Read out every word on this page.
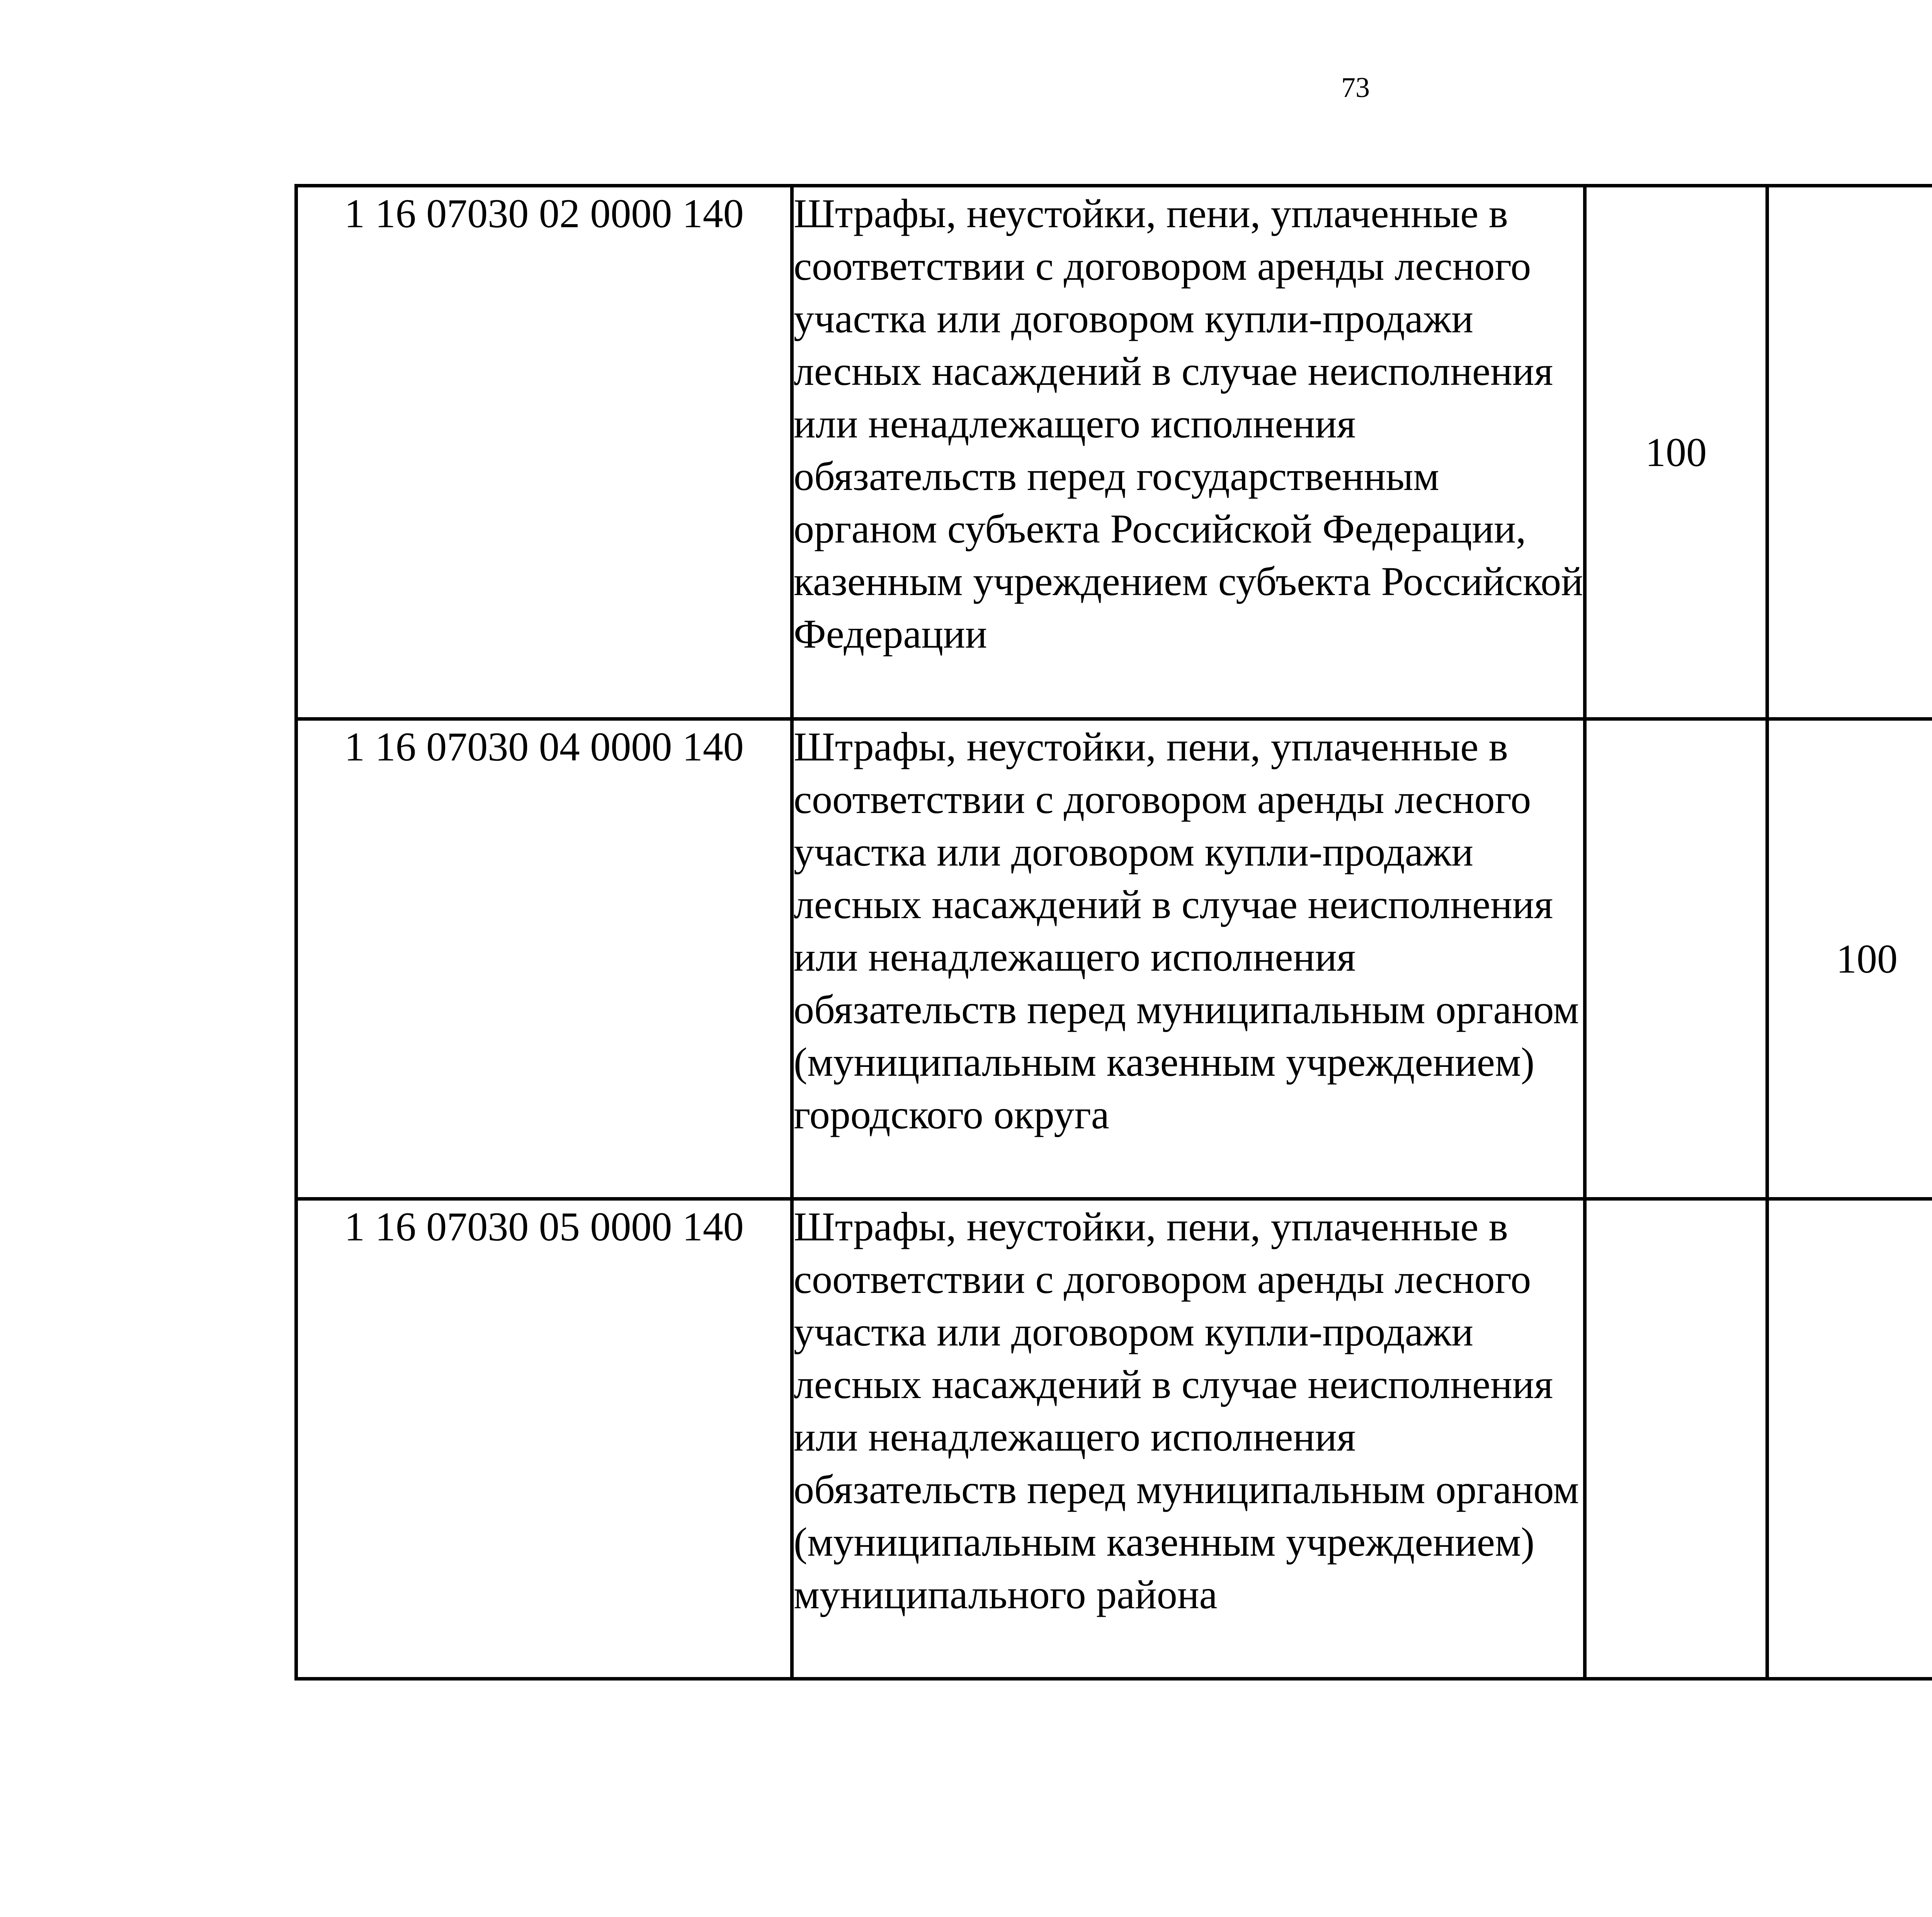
73
1 16 07030 02 0000 140	Штрафы, неустойки, пени, уплаченные в соответствии с договором аренды лесного участка или договором купли-продажи лесных насаждений в случае неисполнения или ненадлежащего исполнения обязательств перед государственным органом субъекта Российской Федерации, казенным учреждением субъекта Российской Федерации	100				
1 16 07030 04 0000 140	Штрафы, неустойки, пени, уплаченные в соответствии с договором аренды лесного участка или договором купли-продажи лесных насаждений в случае неисполнения или ненадлежащего исполнения обязательств перед муниципальным органом (муниципальным казенным учреждением) городского округа		100			
1 16 07030 05 0000 140	Штрафы, неустойки, пени, уплаченные в соответствии с договором аренды лесного участка или договором купли-продажи лесных насаждений в случае неисполнения или ненадлежащего исполнения обязательств перед муниципальным органом (муниципальным казенным учреждением) муниципального района					
